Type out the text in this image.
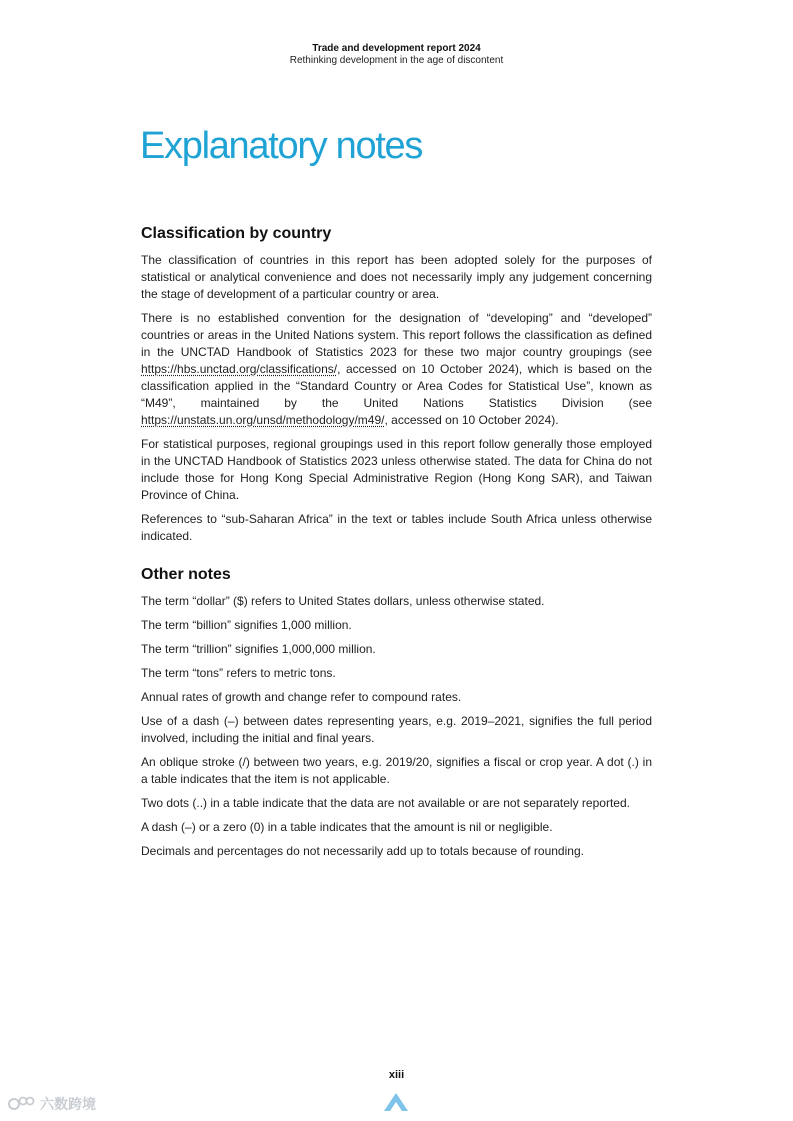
Trade and development report 2024
Rethinking development in the age of discontent
Explanatory notes
Classification by country

The classification of countries in this report has been adopted solely for the purposes of statistical or analytical convenience and does not necessarily imply any judgement concerning the stage of development of a particular country or area.

There is no established convention for the designation of “developing” and “developed” countries or areas in the United Nations system. This report follows the classification as defined in the UNCTAD Handbook of Statistics 2023 for these two major country groupings (see https://hbs.unctad.org/classifications/, accessed on 10 October 2024), which is based on the classification applied in the “Standard Country or Area Codes for Statistical Use”, known as “M49”, maintained by the United Nations Statistics Division (see https://unstats.un.org/unsd/methodology/m49/, accessed on 10 October 2024).

For statistical purposes, regional groupings used in this report follow generally those employed in the UNCTAD Handbook of Statistics 2023 unless otherwise stated. The data for China do not include those for Hong Kong Special Administrative Region (Hong Kong SAR), and Taiwan Province of China.

References to “sub-Saharan Africa” in the text or tables include South Africa unless otherwise indicated.

Other notes

The term “dollar” ($) refers to United States dollars, unless otherwise stated.

The term “billion” signifies 1,000 million.

The term “trillion” signifies 1,000,000 million.

The term “tons” refers to metric tons.

Annual rates of growth and change refer to compound rates.

Use of a dash (–) between dates representing years, e.g. 2019–2021, signifies the full period involved, including the initial and final years.

An oblique stroke (/) between two years, e.g. 2019/20, signifies a fiscal or crop year. A dot (.) in a table indicates that the item is not applicable.

Two dots (..) in a table indicate that the data are not available or are not separately reported.

A dash (–) or a zero (0) in a table indicates that the amount is nil or negligible.

Decimals and percentages do not necessarily add up to totals because of rounding.

xiii
六数跨境
